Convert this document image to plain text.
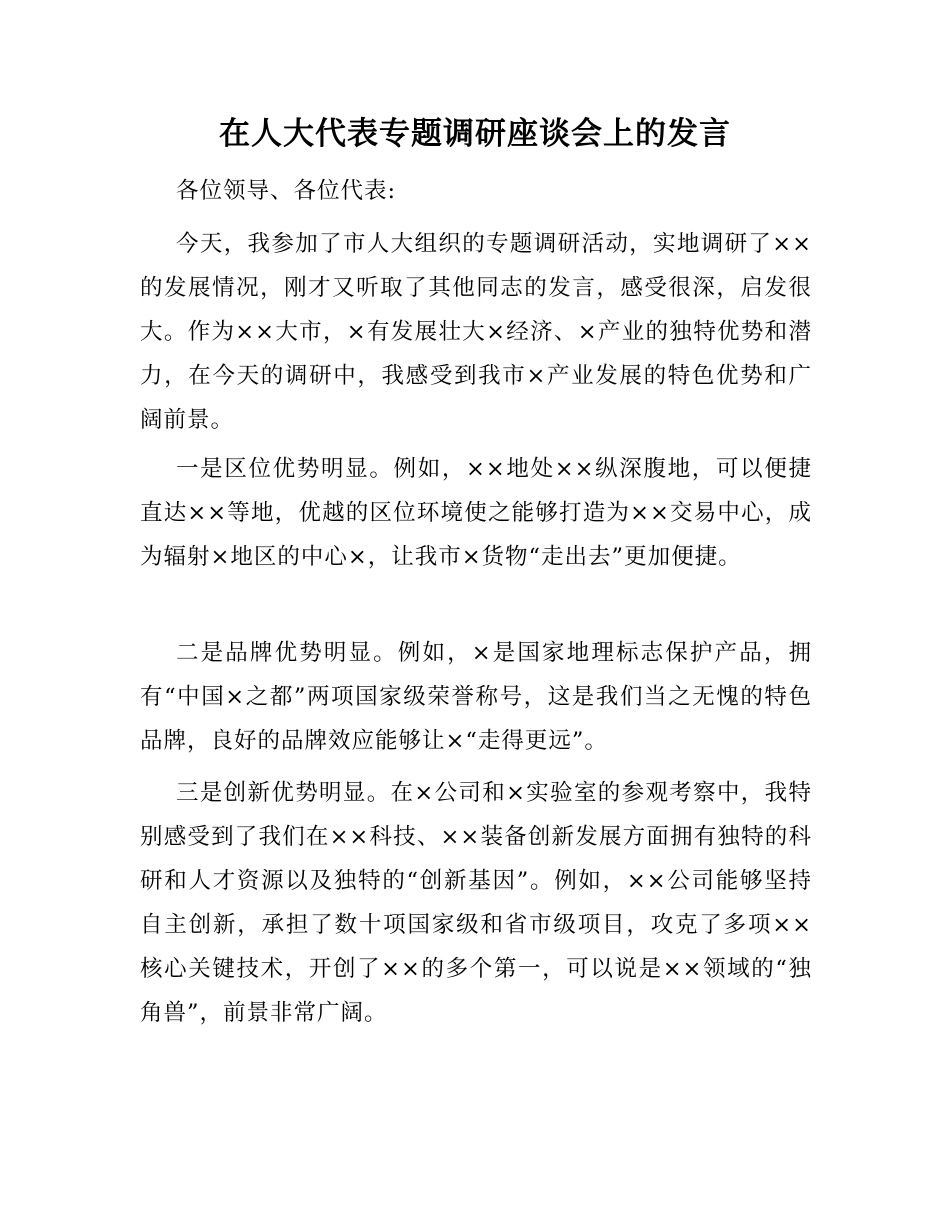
在人大代表专题调研座谈会上的发言

各位领导、各位代表:

今天，我参加了市人大组织的专题调研活动，实地调研了××的发展情况，刚才又听取了其他同志的发言，感受很深，启发很大。作为××大市，×有发展壮大×经济、×产业的独特优势和潜力，在今天的调研中，我感受到我市×产业发展的特色优势和广阔前景。

一是区位优势明显。例如，××地处××纵深腹地，可以便捷直达××等地，优越的区位环境使之能够打造为××交易中心，成为辐射×地区的中心×，让我市×货物“走出去”更加便捷。

二是品牌优势明显。例如，×是国家地理标志保护产品，拥有“中国×之都”两项国家级荣誉称号，这是我们当之无愧的特色品牌，良好的品牌效应能够让×“走得更远”。

三是创新优势明显。在×公司和×实验室的参观考察中，我特别感受到了我们在××科技、××装备创新发展方面拥有独特的科研和人才资源以及独特的“创新基因”。例如，××公司能够坚持自主创新，承担了数十项国家级和省市级项目，攻克了多项××核心关键技术，开创了××的多个第一，可以说是××领域的“独角兽”，前景非常广阔。
